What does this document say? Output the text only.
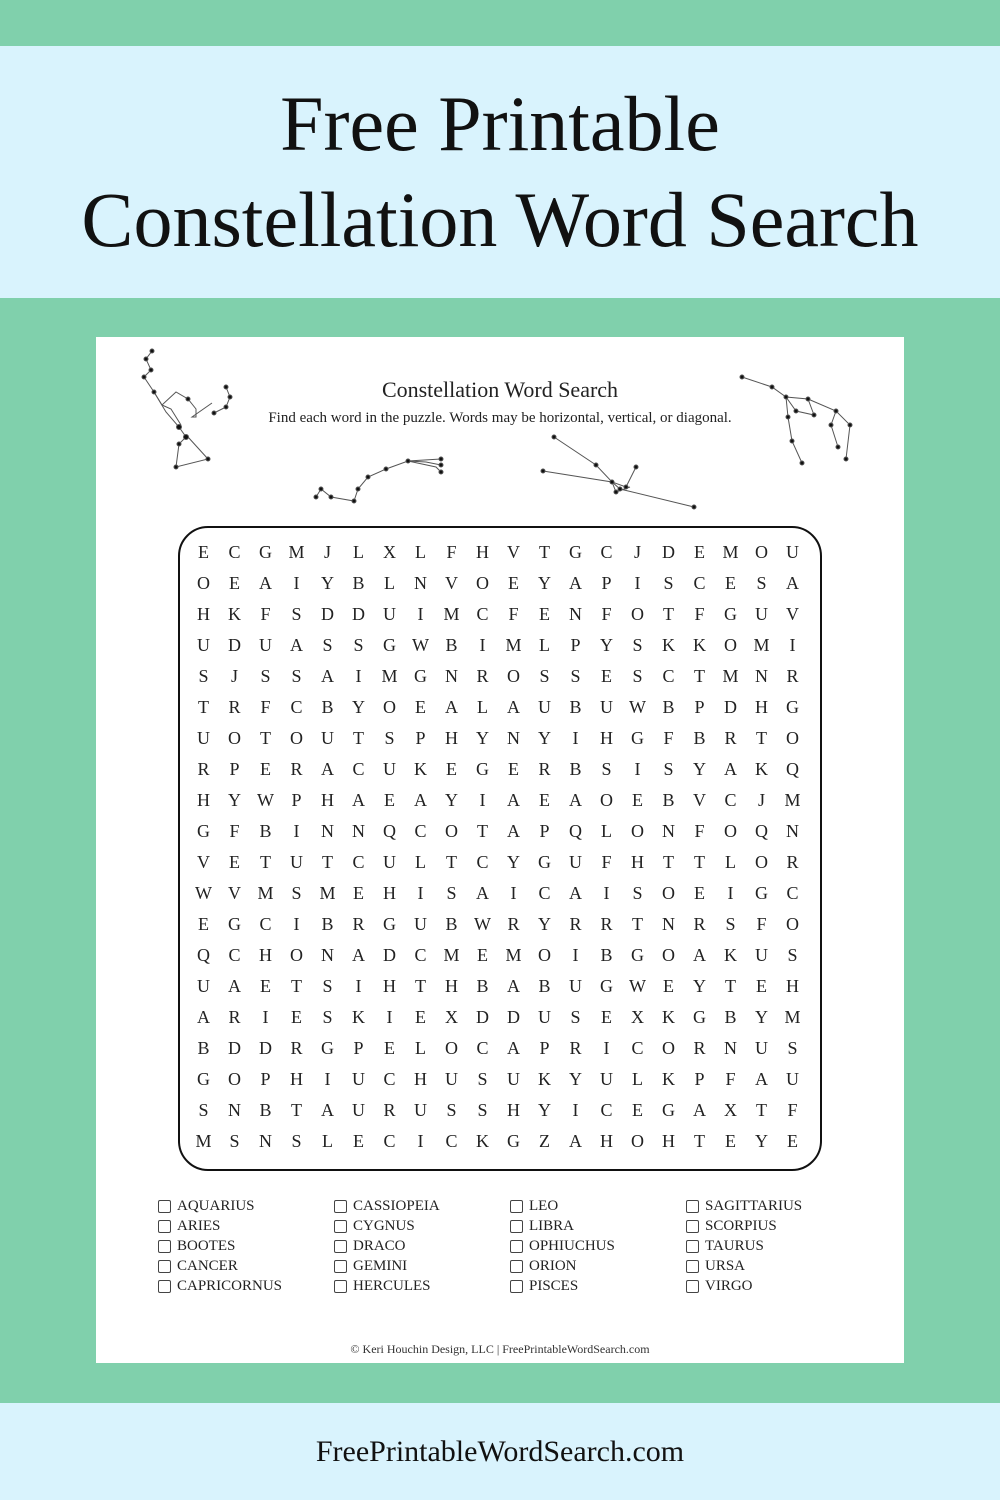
Free Printable
Constellation Word Search
Constellation Word Search
Find each word in the puzzle. Words may be horizontal, vertical, or diagonal.
E	C	G M	J	L	X	L	F	H	V	T	G	C	J	D	E M O	U
O	E	A	I	Y	B	L	N	V	O	E	Y	A	P	I	S	C	E	S	A
H	K	F	S	D	D	U	I	M C	F	E	N	F	O	T	F	G	U	V
U	D	U	A	S	S	G W B	I	M L	P	Y	S	K	K	O M	I
S	J	S	S	A	I	M G	N	R	O	S	S	E	S	C	T M N	R
T	R	F	C	B	Y	O	E	A	L	A	U	B	U W B	P	D	H	G
U	O	T	O	U	T	S	P	H	Y	N	Y	I	H	G	F	B	R	T	O
R	P	E	R	A	C	U	K	E	G	E	R	B	S	I	S	Y	A	K	Q
H	Y W P	H	A	E	A	Y	I	A	E	A	O	E	B	V	C	J	M
G	F	B	I	N	N	Q	C	O	T	A	P	Q	L	O	N	F	O	Q	N
V	E	T	U	T	C	U	L	T	C	Y	G	U	F	H	T	T	L	O	R
W V M S M E	H	I	S	A	I	C	A	I	S	O	E	I	G	C
E	G	C	I	B	R	G	U	B W R	Y	R	R	T	N	R	S	F	O
Q	C	H	O	N	A	D	C M E M O	I	B	G	O	A	K	U	S
U	A	E	T	S	I	H	T	H	B	A	B	U	G W E	Y	T	E	H
A	R	I	E	S	K	I	E	X	D	D	U	S	E	X	K	G	B	Y M
B	D	D	R	G	P	E	L	O	C	A	P	R	I	C	O	R	N	U	S
G	O	P	H	I	U	C	H	U	S	U	K	Y	U	L	K	P	F	A	U
S	N	B	T	A	U	R	U	S	S	H	Y	I	C	E	G	A	X	T	F
M S	N	S	L	E	C	I	C	K	G	Z	A	H	O	H	T	E	Y	E
AQUARIUS
ARIES
BOOTES
CANCER
CAPRICORNUS
CASSIOPEIA
CYGNUS
DRACO
GEMINI
HERCULES
LEO
LIBRA
OPHIUCHUS
ORION
PISCES
SAGITTARIUS
SCORPIUS
TAURUS
URSA
VIRGO
© Keri Houchin Design, LLC | FreePrintableWordSearch.com
FreePrintableWordSearch.com
